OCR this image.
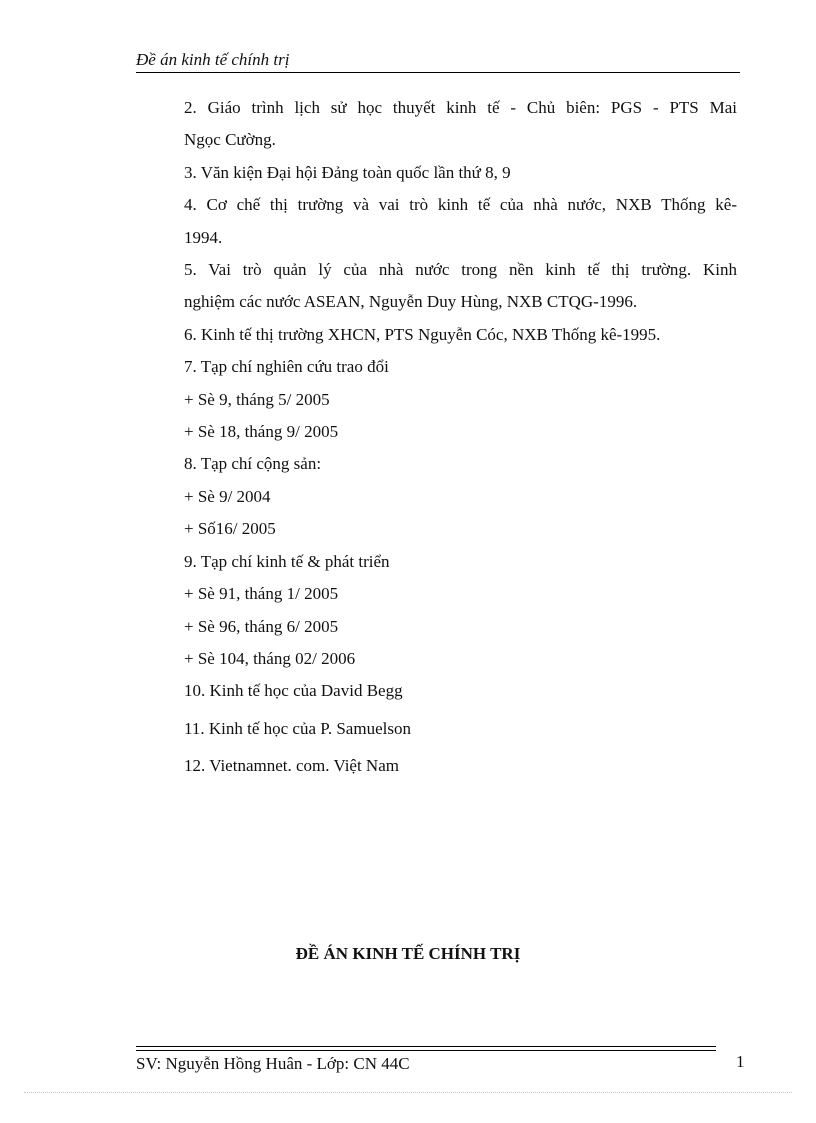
Đề án kinh tế chính trị
2. Giáo trình lịch sử học thuyết kinh tế - Chủ biên: PGS - PTS Mai
Ngọc Cường.
3. Văn kiện Đại hội Đảng toàn quốc lần thứ 8, 9
4. Cơ chế thị trường và vai trò kinh tế của nhà nước, NXB Thống kê-
1994.
5. Vai trò quản lý của nhà nước trong nền kinh tế thị trường. Kinh
nghiệm các nước ASEAN, Nguyễn Duy Hùng, NXB CTQG-1996.
6. Kinh tế thị trường XHCN, PTS Nguyễn Cóc, NXB Thống kê-1995.
7. Tạp chí nghiên cứu trao đổi
+ Sè 9, tháng 5/ 2005
+ Sè 18, tháng 9/ 2005
8. Tạp chí cộng sản:
+ Sè 9/ 2004
+ Số16/ 2005
9. Tạp chí kinh tế & phát triển
+ Sè 91, tháng 1/ 2005
+ Sè 96, tháng 6/ 2005
+ Sè 104, tháng 02/ 2006
10. Kinh tế học của David Begg
11. Kinh tế học của P. Samuelson
12. Vietnamnet. com. Việt Nam
ĐỀ ÁN KINH TẾ CHÍNH TRỊ
SV: Nguyễn Hồng Huân - Lớp: CN 44C	1
